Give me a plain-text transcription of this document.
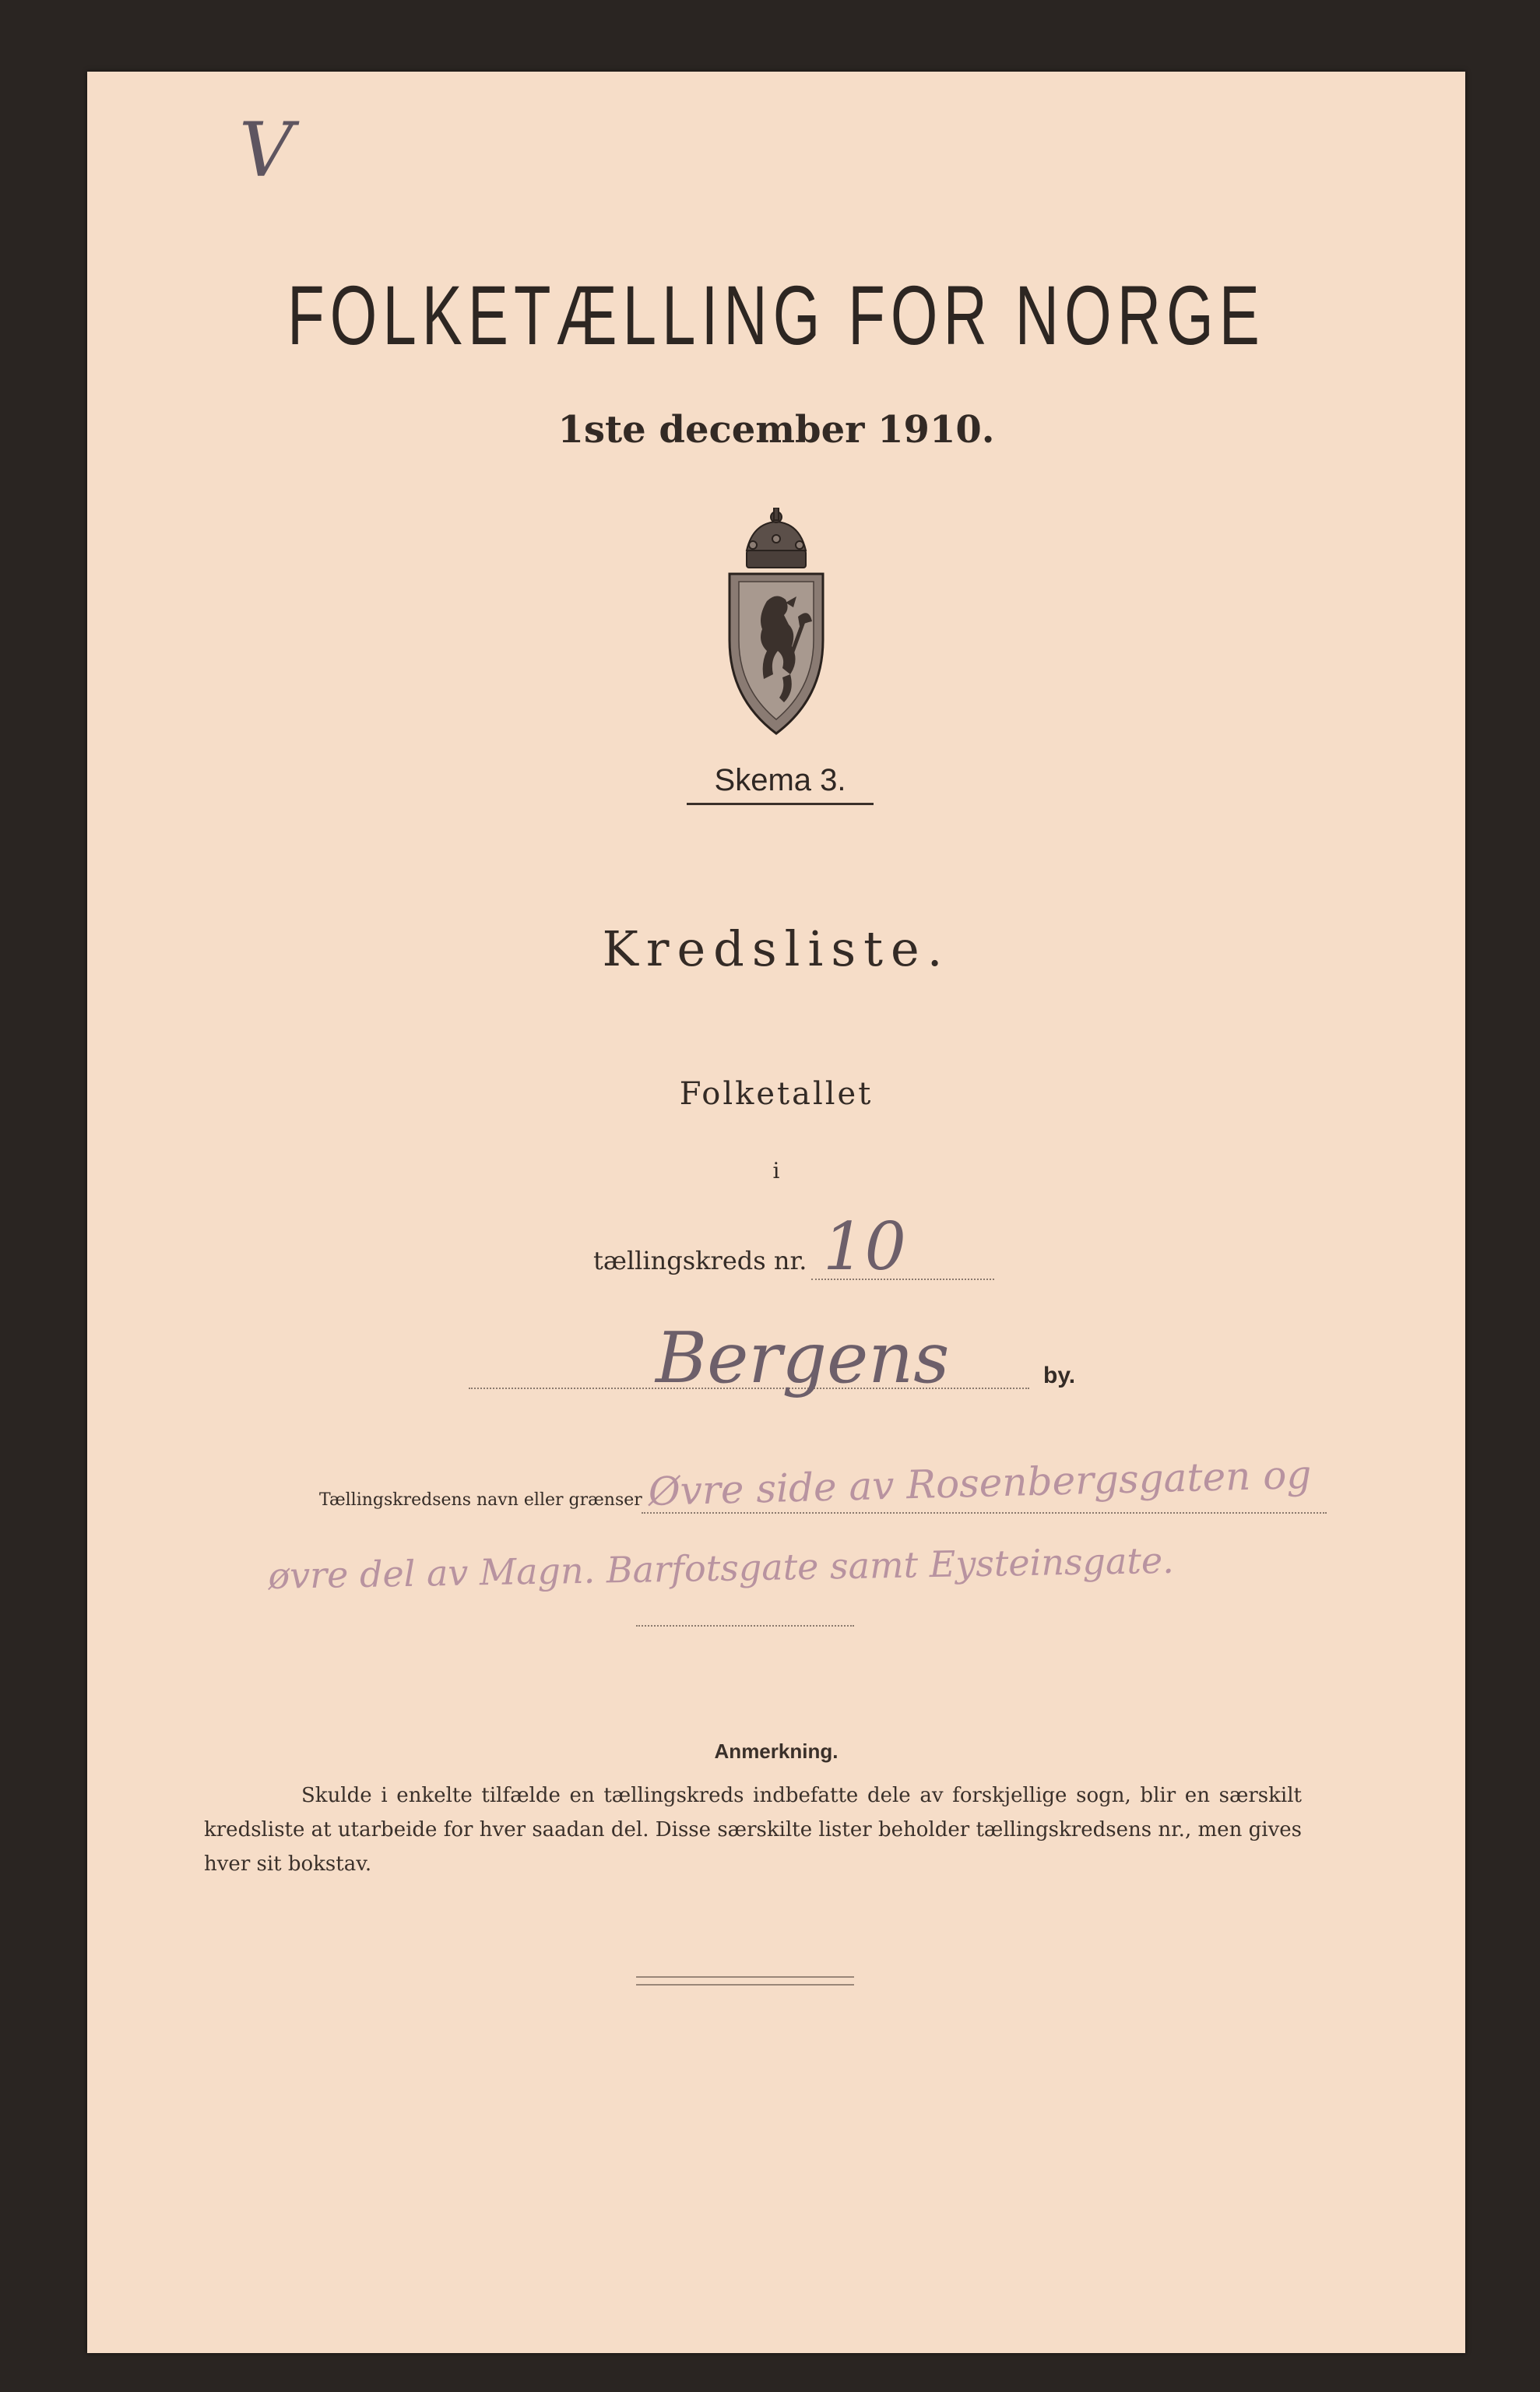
V
FOLKETÆLLING FOR NORGE
1ste december 1910.
Skema 3.
Kredsliste.
Folketallet
i
tællingskreds nr. 10
Bergens	by.
Tællingskredsens navn eller grænser Øvre side av Rosenbergsgaten og
øvre del av Magn. Barfotsgate samt Eysteinsgate.
Anmerkning.
Skulde i enkelte tilfælde en tællingskreds indbefatte dele av forskjellige sogn, blir en særskilt kredsliste at utarbeide for hver saadan del. Disse særskilte lister beholder tællingskredsens nr., men gives hver sit bokstav.
